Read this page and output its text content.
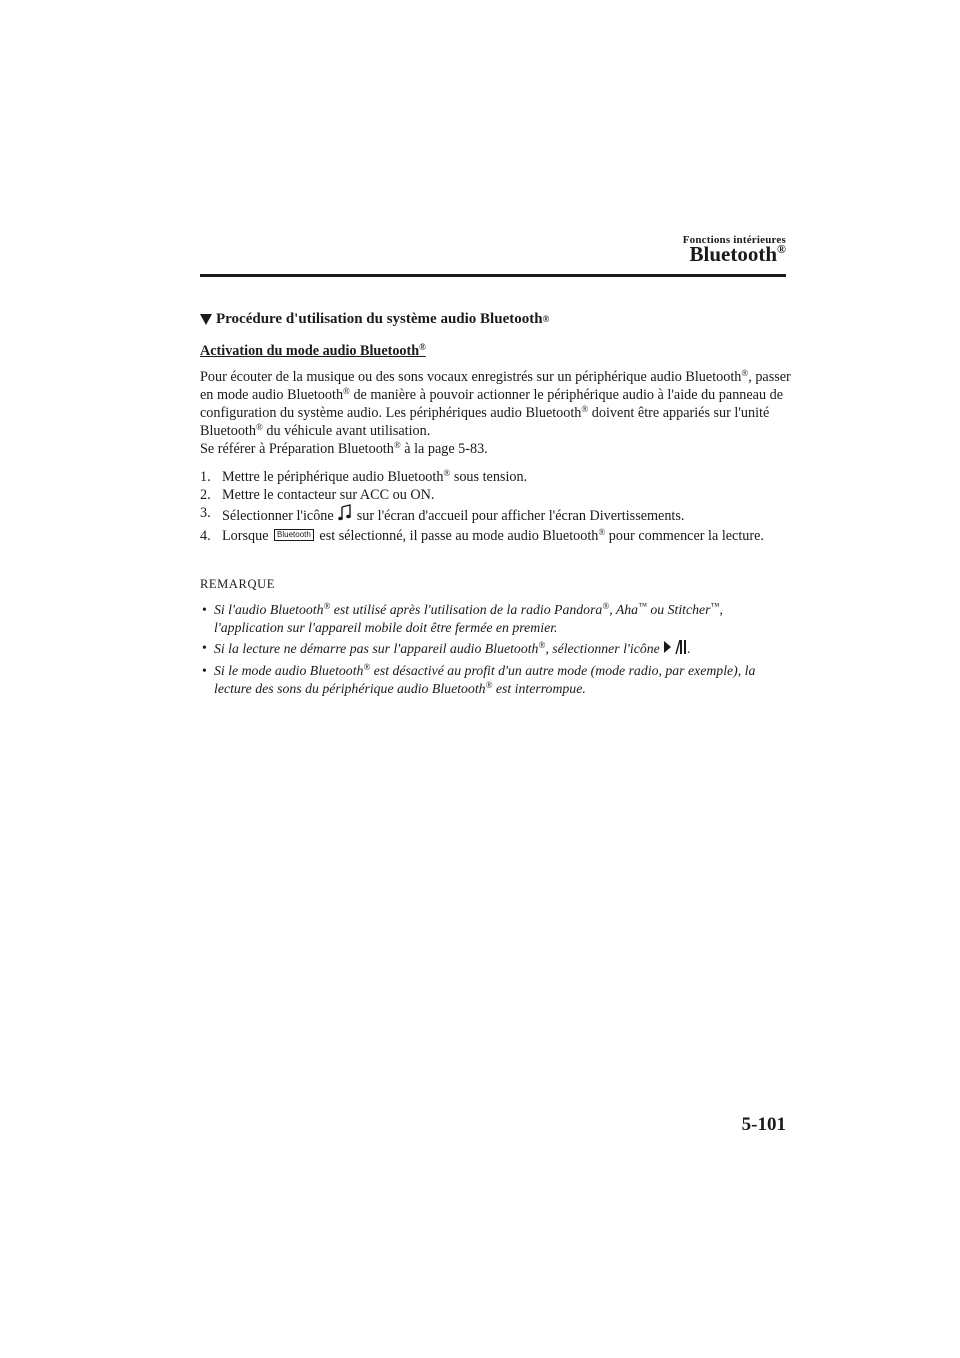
Fonctions intérieures
Bluetooth®
Procédure d'utilisation du système audio Bluetooth ®
Activation du mode audio Bluetooth®

Pour écouter de la musique ou des sons vocaux enregistrés sur un périphérique audio Bluetooth®, passer en mode audio Bluetooth® de manière à pouvoir actionner le périphérique audio à l'aide du panneau de configuration du système audio. Les périphériques audio Bluetooth® doivent être appariés sur l'unité Bluetooth® du véhicule avant utilisation.
Se référer à Préparation Bluetooth® à la page 5-83.

1. Mettre le périphérique audio Bluetooth® sous tension.
2. Mettre le contacteur sur ACC ou ON.
3. Sélectionner l'icône  sur l'écran d'accueil pour afficher l'écran Divertissements.
4. Lorsque Bluetooth est sélectionné, il passe au mode audio Bluetooth® pour commencer la lecture.
REMARQUE
• Si l'audio Bluetooth® est utilisé après l'utilisation de la radio Pandora®, Aha™ ou Stitcher™, l'application sur l'appareil mobile doit être fermée en premier.
• Si la lecture ne démarre pas sur l'appareil audio Bluetooth®, sélectionner l'icône .
• Si le mode audio Bluetooth® est désactivé au profit d'un autre mode (mode radio, par exemple), la lecture des sons du périphérique audio Bluetooth® est interrompue.
5-101
